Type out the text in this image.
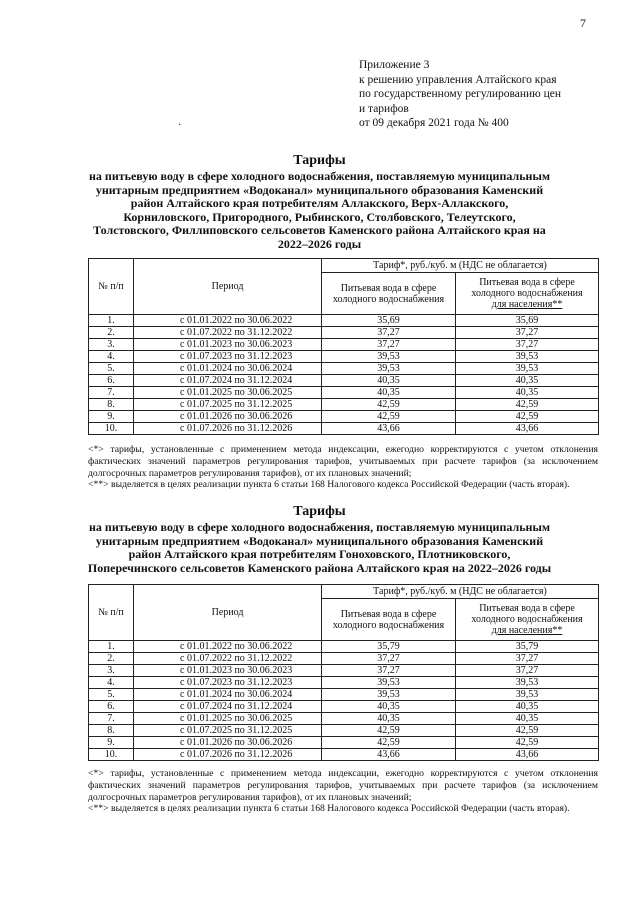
7
Приложение 3
к решению управления Алтайского края
по государственному регулированию цен
и тарифов
от 09 декабря 2021 года № 400
·
Тарифы
на питьевую воду в сфере холодного водоснабжения, поставляемую муниципальным
унитарным предприятием «Водоканал» муниципального образования Каменский
район Алтайского края потребителям Аллакского, Верх-Аллакского,
Корниловского, Пригородного, Рыбинского, Столбовского, Телеутского,
Толстовского, Филлиповского сельсоветов Каменского района Алтайского края на
2022–2026 годы
№ п/п	Период	Тариф*, руб./куб. м (НДС не облагается)	
		Питьевая вода в сфере холодного водоснабжения	Питьевая вода в сфере холодного водоснабжения
для населения**
1.	с 01.01.2022 по 30.06.2022	35,69	35,69
2.	с 01.07.2022 по 31.12.2022	37,27	37,27
3.	с 01.01.2023 по 30.06.2023	37,27	37,27
4.	с 01.07.2023 по 31.12.2023	39,53	39,53
5.	с 01.01.2024 по 30.06.2024	39,53	39,53
6.	с 01.07.2024 по 31.12.2024	40,35	40,35
7.	с 01.01.2025 по 30.06.2025	40,35	40,35
8.	с 01.07.2025 по 31.12.2025	42,59	42,59
9.	с 01.01.2026 по 30.06.2026	42,59	42,59
10.	с 01.07.2026 по 31.12.2026	43,66	43,66

<*> тарифы, установленные с применением метода индексации, ежегодно корректируются с учетом отклонения фактических значений параметров регулирования тарифов, учитываемых при расчете тарифов (за исключением долгосрочных параметров регулирования тарифов), от их плановых значений;

<**> выделяется в целях реализации пункта 6 статьи 168 Налогового кодекса Российской Федерации (часть вторая).

Тарифы
на питьевую воду в сфере холодного водоснабжения, поставляемую муниципальным
унитарным предприятием «Водоканал» муниципального образования Каменский
район Алтайского края потребителям Гоноховского, Плотниковского,
Поперечинского сельсоветов Каменского района Алтайского края на 2022–2026 годы
№ п/п	Период	Тариф*, руб./куб. м (НДС не облагается)	
		Питьевая вода в сфере холодного водоснабжения	Питьевая вода в сфере холодного водоснабжения
для населения**
1.	с 01.01.2022 по 30.06.2022	35,79	35,79
2.	с 01.07.2022 по 31.12.2022	37,27	37,27
3.	с 01.01.2023 по 30.06.2023	37,27	37,27
4.	с 01.07.2023 по 31.12.2023	39,53	39,53
5.	с 01.01.2024 по 30.06.2024	39,53	39,53
6.	с 01.07.2024 по 31.12.2024	40,35	40,35
7.	с 01.01.2025 по 30.06.2025	40,35	40,35
8.	с 01.07.2025 по 31.12.2025	42,59	42,59
9.	с 01.01.2026 по 30.06.2026	42,59	42,59
10.	с 01.07.2026 по 31.12.2026	43,66	43,66

<*> тарифы, установленные с применением метода индексации, ежегодно корректируются с учетом отклонения фактических значений параметров регулирования тарифов, учитываемых при расчете тарифов (за исключением долгосрочных параметров регулирования тарифов), от их плановых значений;

<**> выделяется в целях реализации пункта 6 статьи 168 Налогового кодекса Российской Федерации (часть вторая).
